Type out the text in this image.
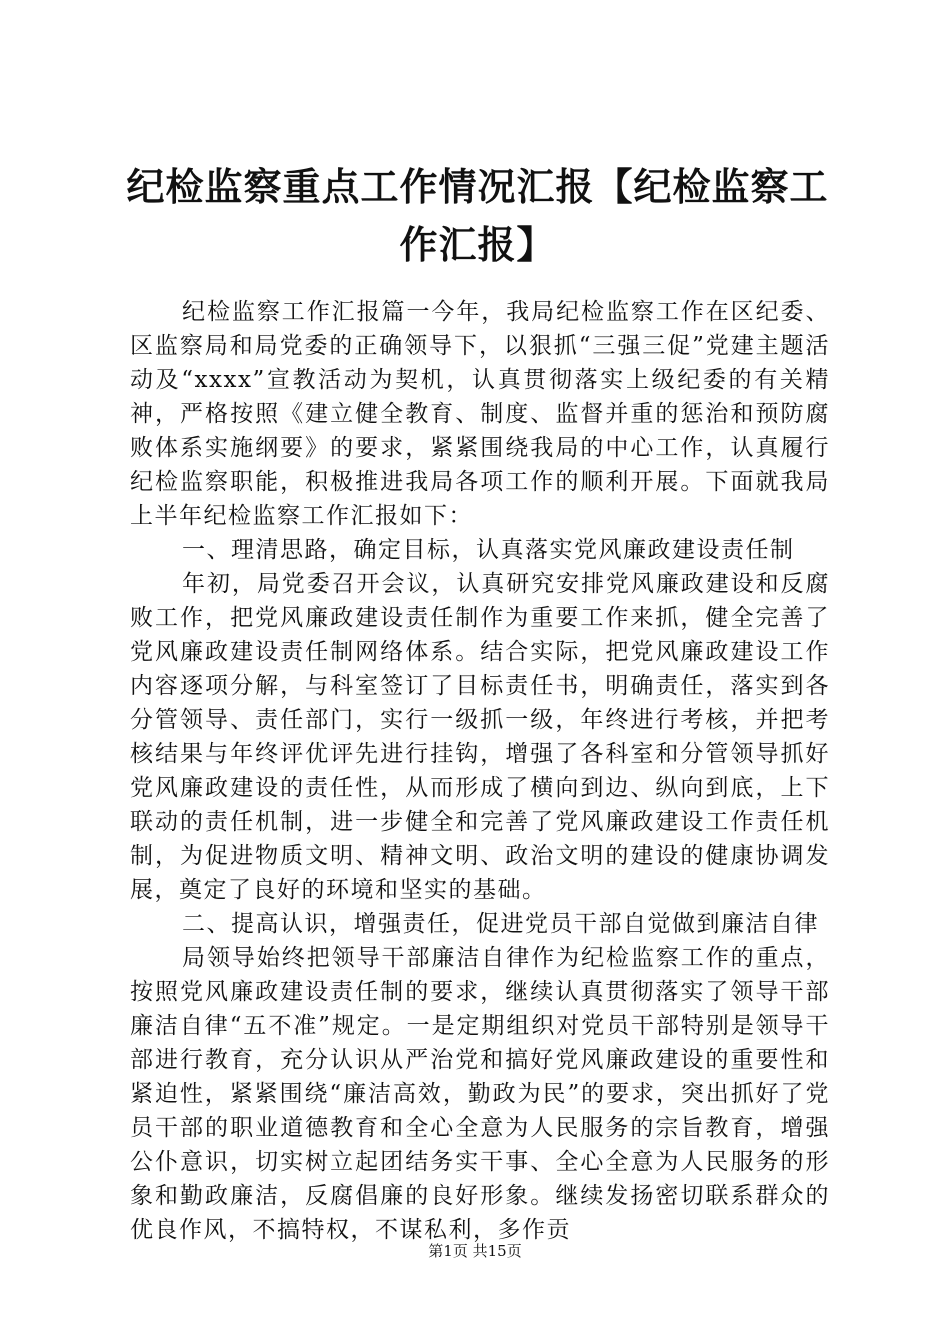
纪检监察重点工作情况汇报【纪检监察工作汇报】

纪检监察工作汇报篇一今年，我局纪检监察工作在区纪委、区监察局和局党委的正确领导下，以狠抓“三强三促”党建主题活动及“xxxx”宣教活动为契机，认真贯彻落实上级纪委的有关精神，严格按照《建立健全教育、制度、监督并重的惩治和预防腐败体系实施纲要》的要求，紧紧围绕我局的中心工作，认真履行纪检监察职能，积极推进我局各项工作的顺利开展。下面就我局上半年纪检监察工作汇报如下：

一、理清思路，确定目标，认真落实党风廉政建设责任制

年初，局党委召开会议，认真研究安排党风廉政建设和反腐败工作，把党风廉政建设责任制作为重要工作来抓，健全完善了党风廉政建设责任制网络体系。结合实际，把党风廉政建设工作内容逐项分解，与科室签订了目标责任书，明确责任，落实到各分管领导、责任部门，实行一级抓一级，年终进行考核，并把考核结果与年终评优评先进行挂钩，增强了各科室和分管领导抓好党风廉政建设的责任性，从而形成了横向到边、纵向到底，上下联动的责任机制，进一步健全和完善了党风廉政建设工作责任机制，为促进物质文明、精神文明、政治文明的建设的健康协调发展，奠定了良好的环境和坚实的基础。

二、提高认识，增强责任，促进党员干部自觉做到廉洁自律

局领导始终把领导干部廉洁自律作为纪检监察工作的重点，按照党风廉政建设责任制的要求，继续认真贯彻落实了领导干部廉洁自律“五不准”规定。一是定期组织对党员干部特别是领导干部进行教育，充分认识从严治党和搞好党风廉政建设的重要性和紧迫性，紧紧围绕“廉洁高效，勤政为民”的要求，突出抓好了党员干部的职业道德教育和全心全意为人民服务的宗旨教育，增强公仆意识，切实树立起团结务实干事、全心全意为人民服务的形象和勤政廉洁，反腐倡廉的良好形象。继续发扬密切联系群众的优良作风，不搞特权，不谋私利，多作贡

第1页 共15页
